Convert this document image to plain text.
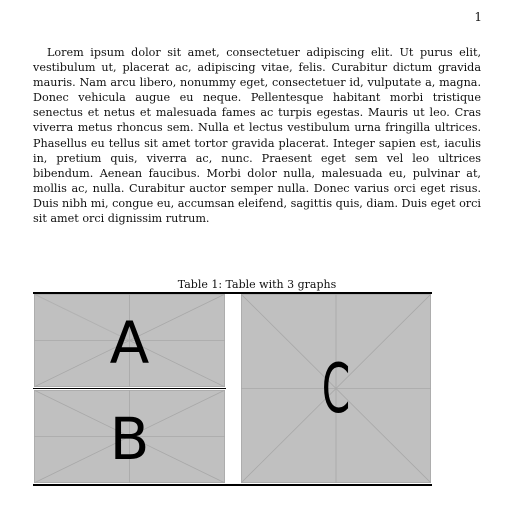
1

Lorem ipsum dolor sit amet, consectetuer adipiscing elit. Ut purus elit, vestibulum ut, placerat ac, adipiscing vitae, felis. Curabitur dictum gravida mauris. Nam arcu libero, nonummy eget, consectetuer id, vulputate a, magna. Donec vehicula augue eu neque. Pellentesque habitant morbi tristique senectus et netus et malesuada fames ac turpis egestas. Mauris ut leo. Cras viverra metus rhoncus sem. Nulla et lectus vestibulum urna fringilla ultrices. Phasellus eu tellus sit amet tortor gravida placerat. Integer sapien est, iaculis in, pretium quis, viverra ac, nunc. Praesent eget sem vel leo ultrices bibendum. Aenean faucibus. Morbi dolor nulla, malesuada eu, pulvinar at, mollis ac, nulla. Curabitur auctor semper nulla. Donec varius orci eget risus. Duis nibh mi, congue eu, accumsan eleifend, sagittis quis, diam. Duis eget orci sit amet orci dignissim rutrum.

Table 1: Table with 3 graphs
A
B
C
